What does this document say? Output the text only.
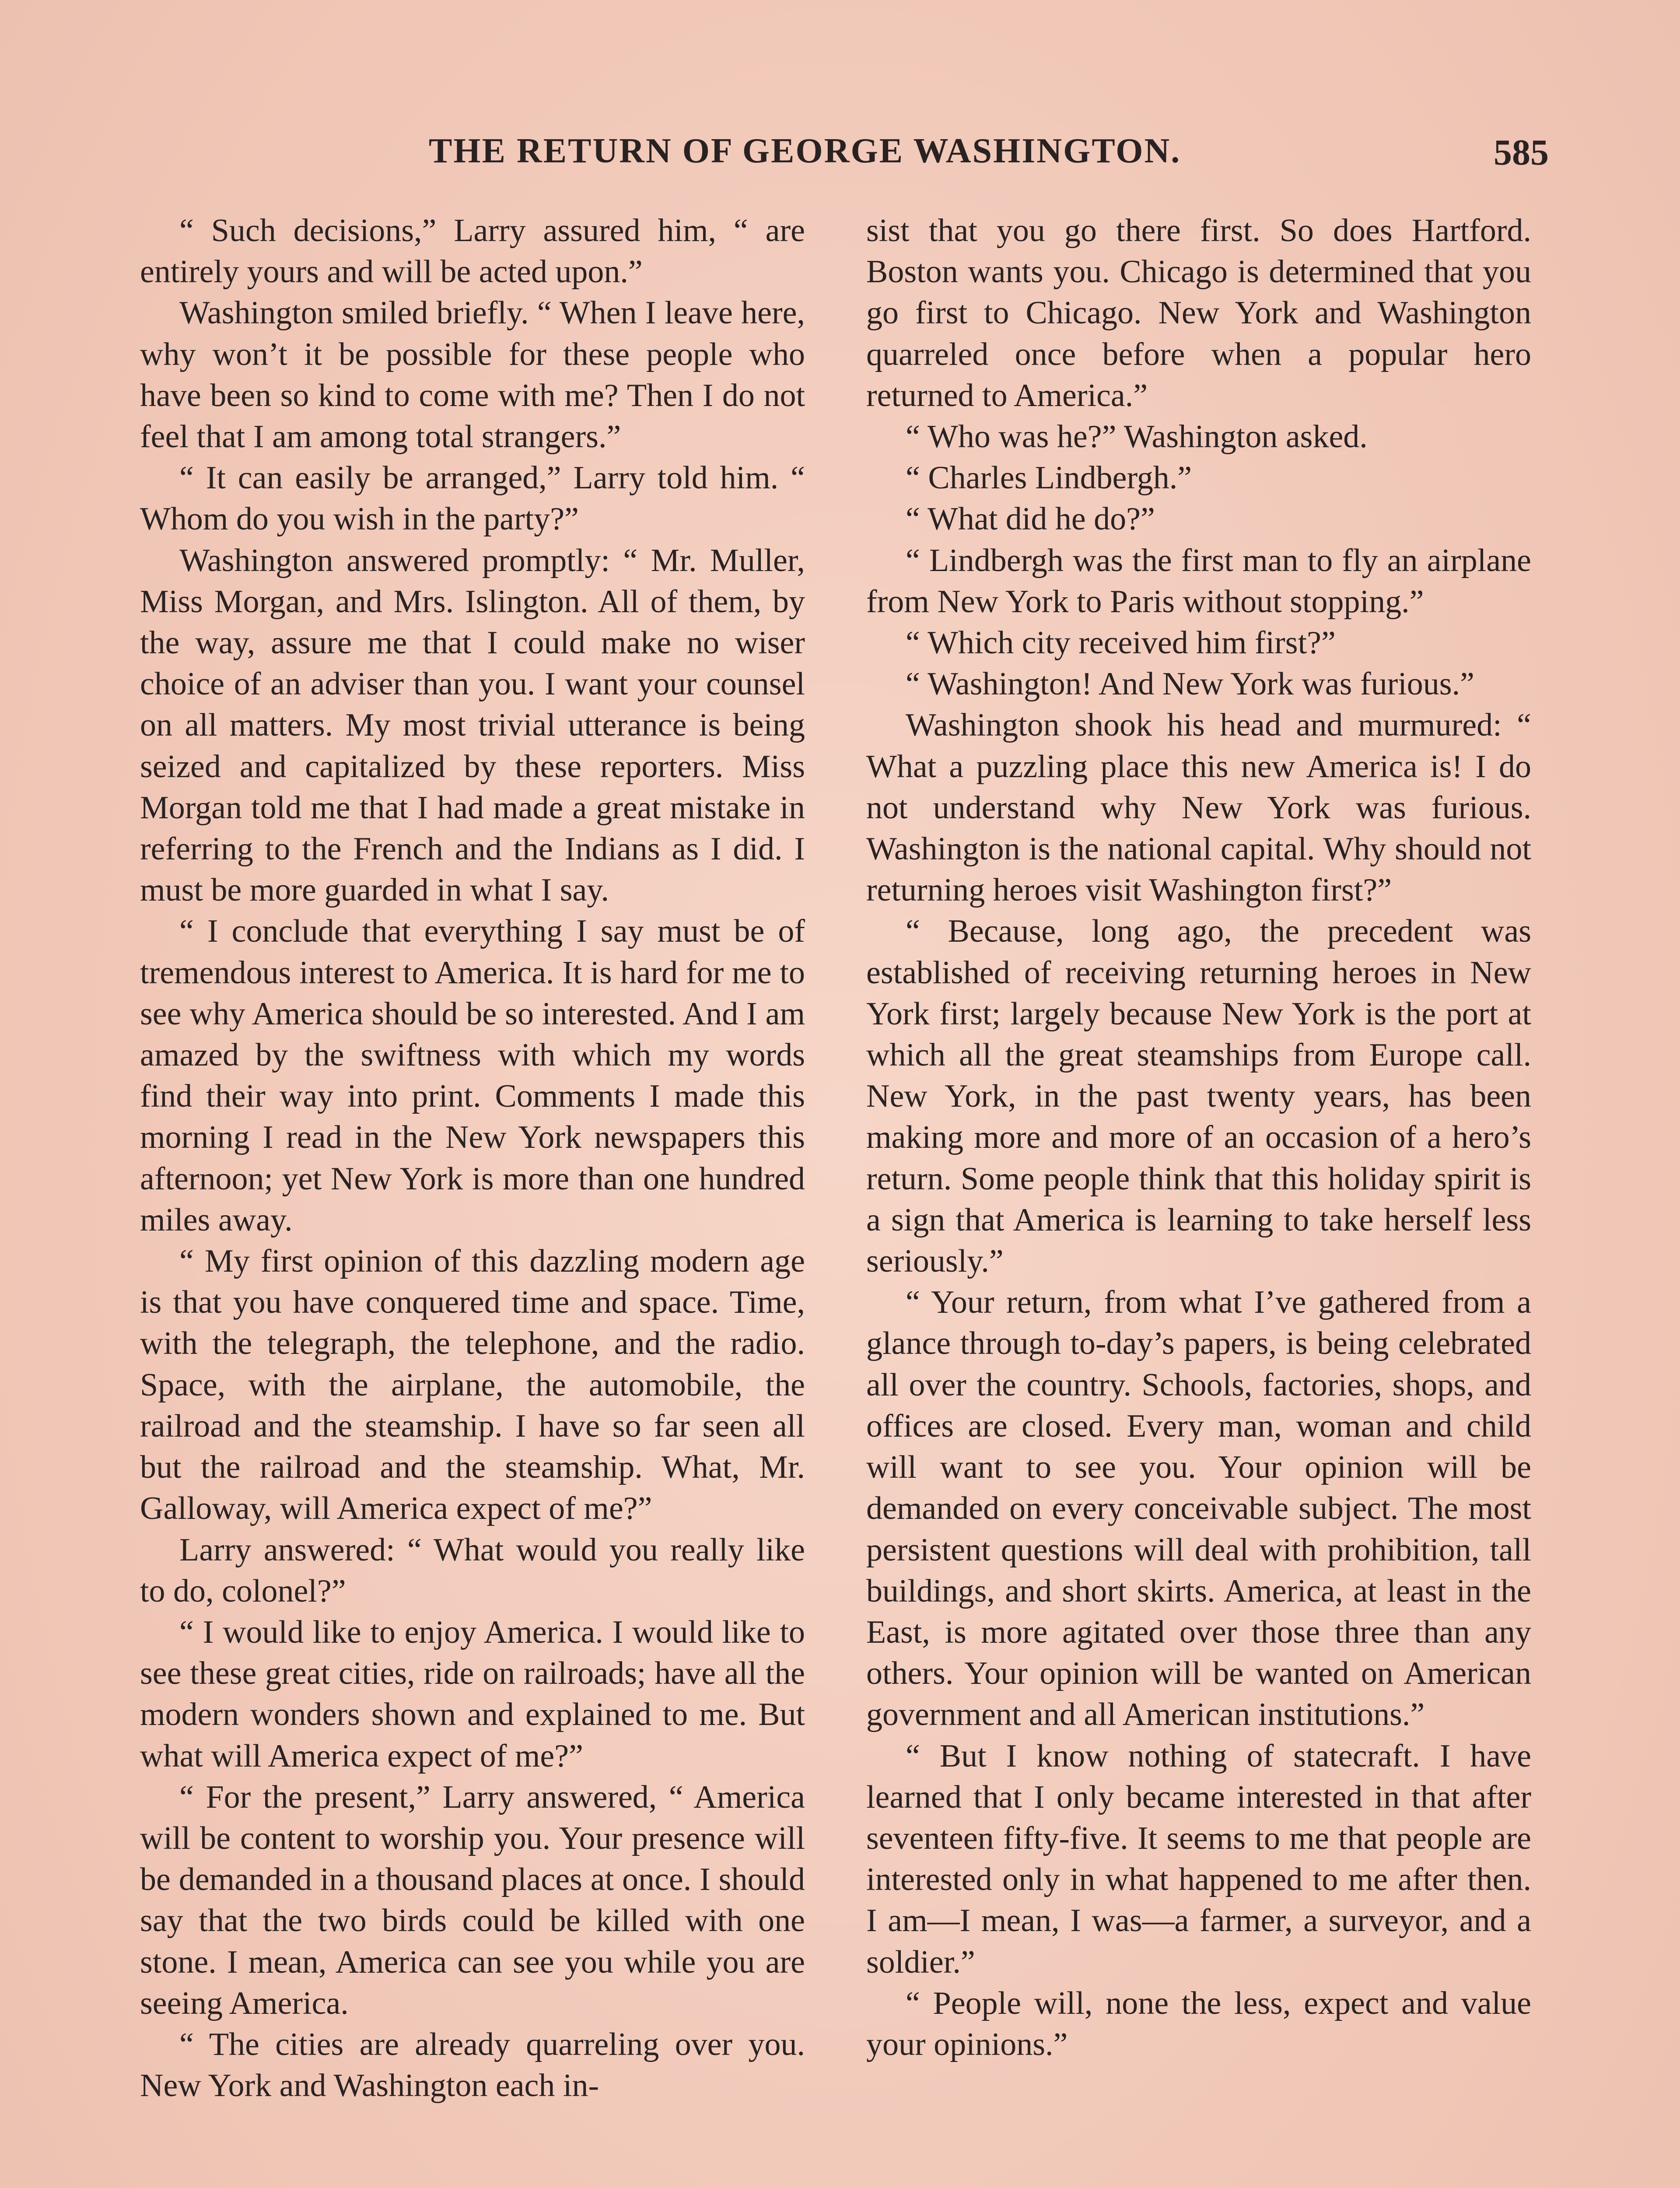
THE RETURN OF GEORGE WASHINGTON.	585

“ Such decisions,” Larry assured him, “ are entirely yours and will be acted upon.”

Washington smiled briefly. “ When I leave here, why won’t it be possible for these people who have been so kind to come with me? Then I do not feel that I am among total strangers.”

“ It can easily be arranged,” Larry told him. “ Whom do you wish in the party?”

Washington answered promptly: “ Mr. Muller, Miss Morgan, and Mrs. Islington. All of them, by the way, assure me that I could make no wiser choice of an adviser than you. I want your counsel on all matters. My most trivial utterance is being seized and capitalized by these reporters. Miss Morgan told me that I had made a great mistake in referring to the French and the Indians as I did. I must be more guarded in what I say.

“ I conclude that everything I say must be of tremendous interest to America. It is hard for me to see why America should be so interested. And I am amazed by the swiftness with which my words find their way into print. Comments I made this morning I read in the New York newspapers this afternoon; yet New York is more than one hundred miles away.

“ My first opinion of this dazzling modern age is that you have conquered time and space. Time, with the telegraph, the telephone, and the radio. Space, with the airplane, the automobile, the railroad and the steamship. I have so far seen all but the railroad and the steamship. What, Mr. Galloway, will America expect of me?”

Larry answered: “ What would you really like to do, colonel?”

“ I would like to enjoy America. I would like to see these great cities, ride on railroads; have all the modern wonders shown and explained to me. But what will America expect of me?”

“ For the present,” Larry answered, “ America will be content to worship you. Your presence will be demanded in a thousand places at once. I should say that the two birds could be killed with one stone. I mean, America can see you while you are seeing America.

“ The cities are already quarreling over you. New York and Washington each in-

sist that you go there first. So does Hartford. Boston wants you. Chicago is determined that you go first to Chicago. New York and Washington quarreled once before when a popular hero returned to America.”

“ Who was he?” Washington asked.

“ Charles Lindbergh.”

“ What did he do?”

“ Lindbergh was the first man to fly an airplane from New York to Paris without stopping.”

“ Which city received him first?”

“ Washington! And New York was furious.”

Washington shook his head and murmured: “ What a puzzling place this new America is! I do not understand why New York was furious. Washington is the national capital. Why should not returning heroes visit Washington first?”

“ Because, long ago, the precedent was established of receiving returning heroes in New York first; largely because New York is the port at which all the great steamships from Europe call. New York, in the past twenty years, has been making more and more of an occasion of a hero’s return. Some people think that this holiday spirit is a sign that America is learning to take herself less seriously.”

“ Your return, from what I’ve gathered from a glance through to-day’s papers, is being celebrated all over the country. Schools, factories, shops, and offices are closed. Every man, woman and child will want to see you. Your opinion will be demanded on every conceivable subject. The most persistent questions will deal with prohibition, tall buildings, and short skirts. America, at least in the East, is more agitated over those three than any others. Your opinion will be wanted on American government and all American institutions.”

“ But I know nothing of statecraft. I have learned that I only became interested in that after seventeen fifty-five. It seems to me that people are interested only in what happened to me after then. I am—I mean, I was—a farmer, a surveyor, and a soldier.”

“ People will, none the less, expect and value your opinions.”
